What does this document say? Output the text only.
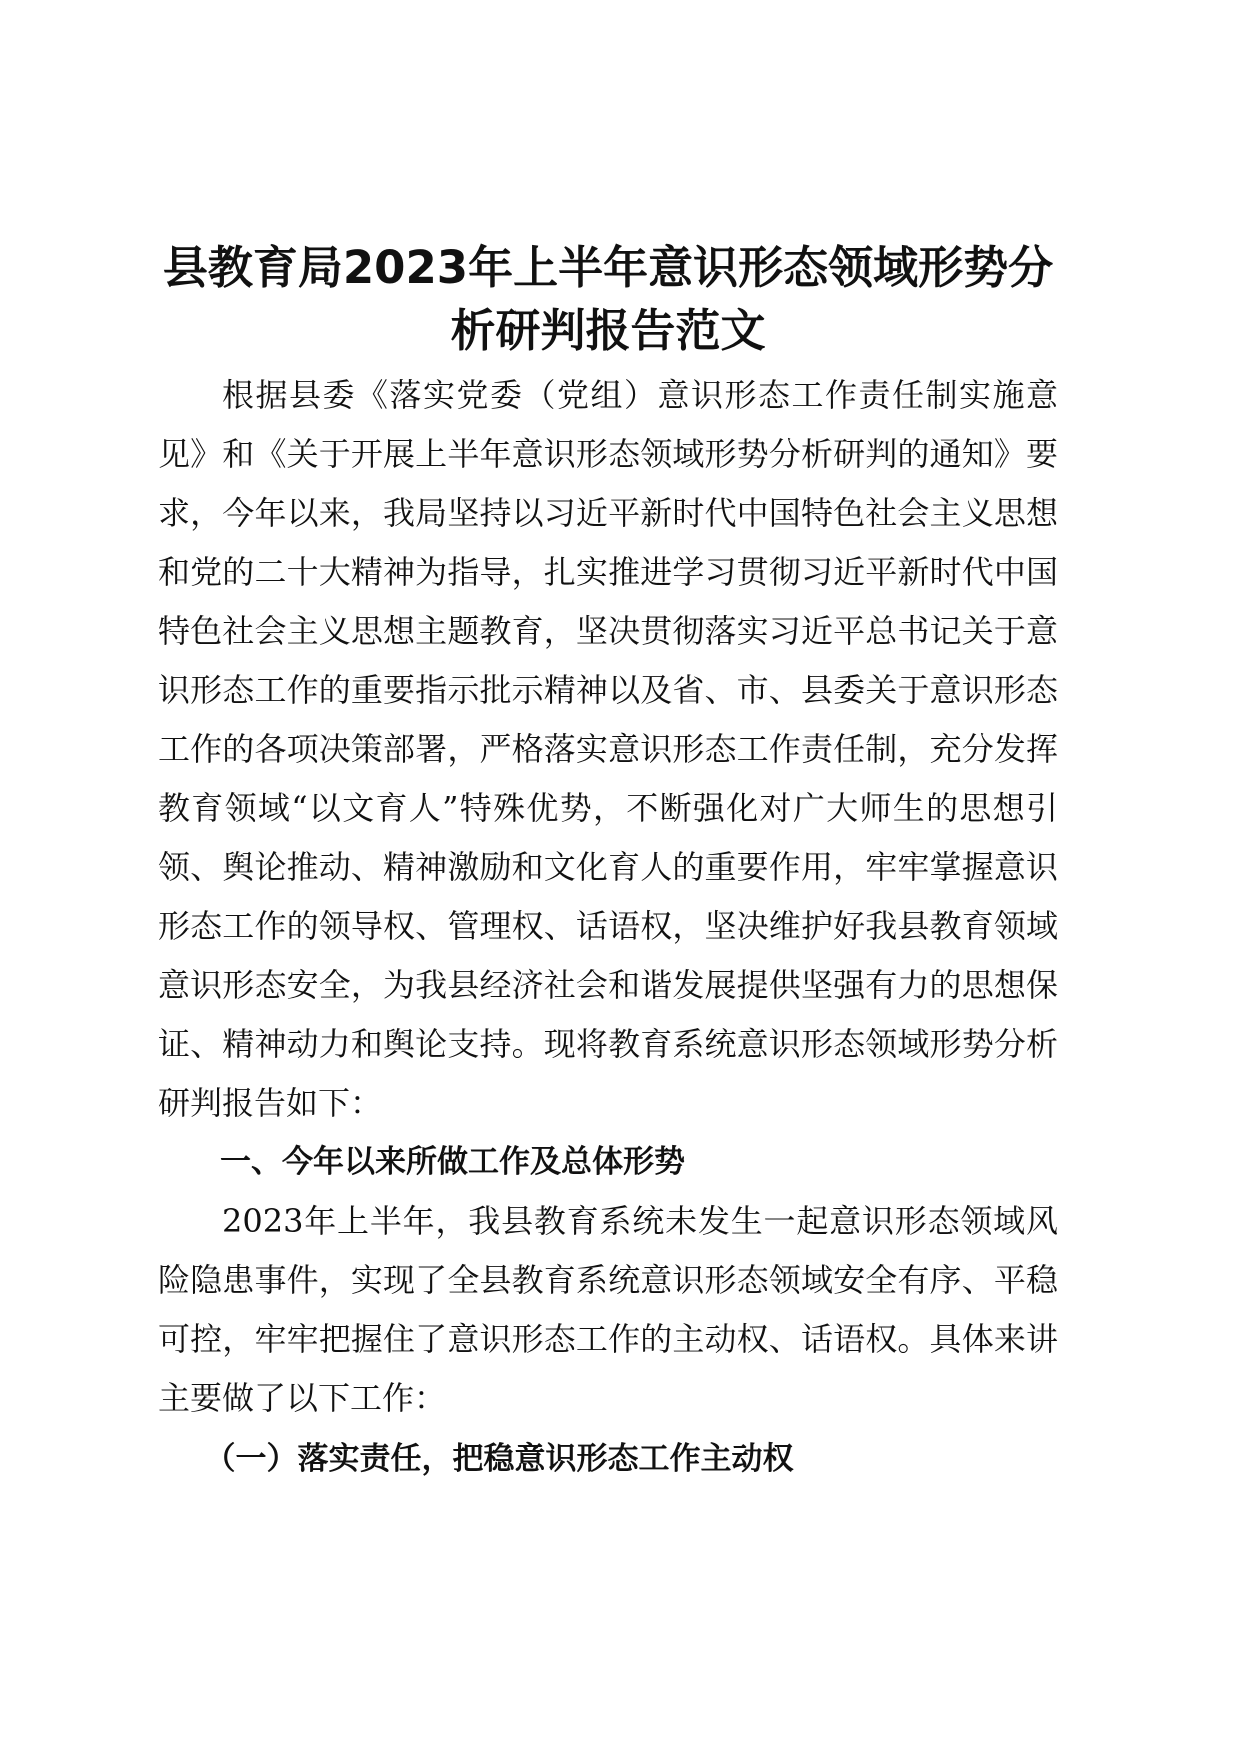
县教育局2023年上半年意识形态领域形势分
析研判报告范文

根据县委《落实党委（党组）意识形态工作责任制实施意见》和《关于开展上半年意识形态领域形势分析研判的通知》要求，今年以来，我局坚持以习近平新时代中国特色社会主义思想和党的二十大精神为指导，扎实推进学习贯彻习近平新时代中国特色社会主义思想主题教育，坚决贯彻落实习近平总书记关于意识形态工作的重要指示批示精神以及省、市、县委关于意识形态工作的各项决策部署，严格落实意识形态工作责任制，充分发挥教育领域“以文育人”特殊优势，不断强化对广大师生的思想引领、舆论推动、精神激励和文化育人的重要作用，牢牢掌握意识形态工作的领导权、管理权、话语权，坚决维护好我县教育领域意识形态安全，为我县经济社会和谐发展提供坚强有力的思想保证、精神动力和舆论支持。现将教育系统意识形态领域形势分析研判报告如下：

一、今年以来所做工作及总体形势

2023年上半年，我县教育系统未发生一起意识形态领域风险隐患事件，实现了全县教育系统意识形态领域安全有序、平稳可控，牢牢把握住了意识形态工作的主动权、话语权。具体来讲主要做了以下工作：

（一）落实责任，把稳意识形态工作主动权
